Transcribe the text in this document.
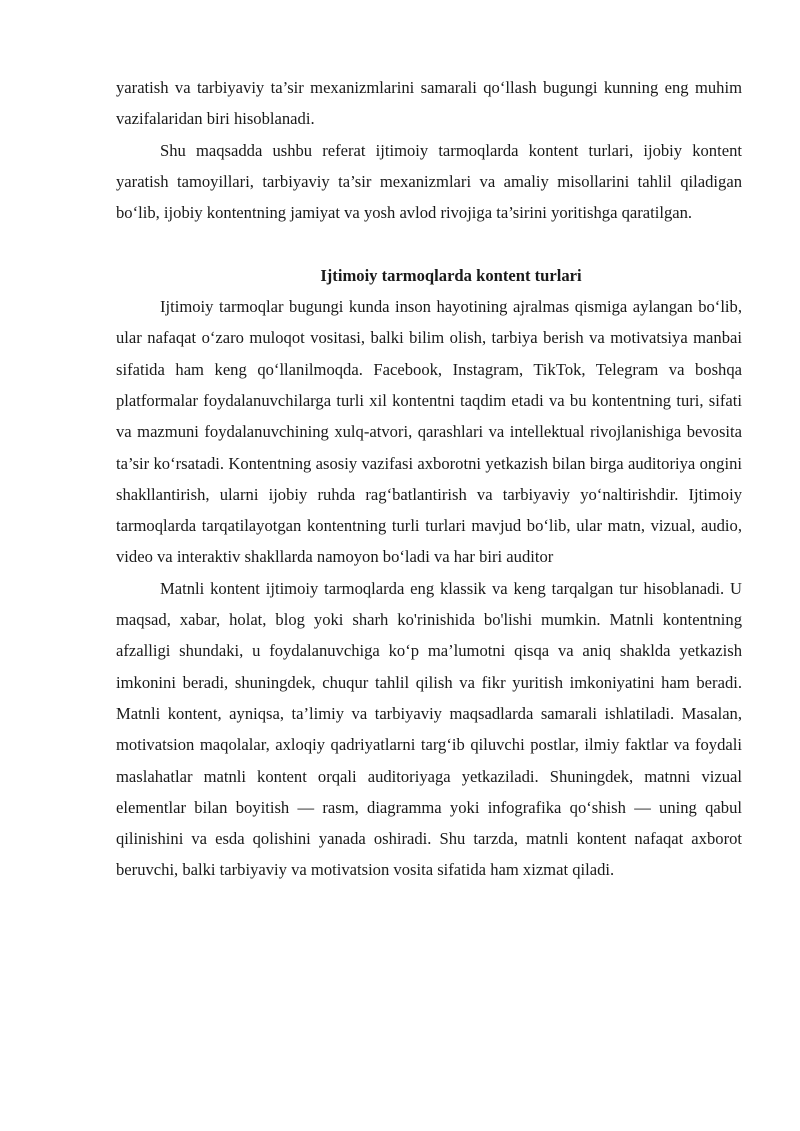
yaratish va tarbiyaviy ta’sir mexanizmlarini samarali qo‘llash bugungi kunning eng muhim vazifalaridan biri hisoblanadi.

Shu maqsadda ushbu referat ijtimoiy tarmoqlarda kontent turlari, ijobiy kontent yaratish tamoyillari, tarbiyaviy ta’sir mexanizmlari va amaliy misollarini tahlil qiladigan bo‘lib, ijobiy kontentning jamiyat va yosh avlod rivojiga ta’sirini yoritishga qaratilgan.

Ijtimoiy tarmoqlarda kontent turlari

Ijtimoiy tarmoqlar bugungi kunda inson hayotining ajralmas qismiga aylangan bo‘lib, ular nafaqat o‘zaro muloqot vositasi, balki bilim olish, tarbiya berish va motivatsiya manbai sifatida ham keng qo‘llanilmoqda. Facebook, Instagram, TikTok, Telegram va boshqa platformalar foydalanuvchilarga turli xil kontentni taqdim etadi va bu kontentning turi, sifati va mazmuni foydalanuvchining xulq-atvori, qarashlari va intellektual rivojlanishiga bevosita ta’sir ko‘rsatadi. Kontentning asosiy vazifasi axborotni yetkazish bilan birga auditoriya ongini shakllantirish, ularni ijobiy ruhda rag‘batlantirish va tarbiyaviy yo‘naltirishdir. Ijtimoiy tarmoqlarda tarqatilayotgan kontentning turli turlari mavjud bo‘lib, ular matn, vizual, audio, video va interaktiv shakllarda namoyon bo‘ladi va har biri auditor

Matnli kontent ijtimoiy tarmoqlarda eng klassik va keng tarqalgan tur hisoblanadi. U maqsad, xabar, holat, blog yoki sharh ko'rinishida bo'lishi mumkin. Matnli kontentning afzalligi shundaki, u foydalanuvchiga ko‘p ma’lumotni qisqa va aniq shaklda yetkazish imkonini beradi, shuningdek, chuqur tahlil qilish va fikr yuritish imkoniyatini ham beradi. Matnli kontent, ayniqsa, ta’limiy va tarbiyaviy maqsadlarda samarali ishlatiladi. Masalan, motivatsion maqolalar, axloqiy qadriyatlarni targ‘ib qiluvchi postlar, ilmiy faktlar va foydali maslahatlar matnli kontent orqali auditoriyaga yetkaziladi. Shuningdek, matnni vizual elementlar bilan boyitish — rasm, diagramma yoki infografika qo‘shish — uning qabul qilinishini va esda qolishini yanada oshiradi. Shu tarzda, matnli kontent nafaqat axborot beruvchi, balki tarbiyaviy va motivatsion vosita sifatida ham xizmat qiladi.
